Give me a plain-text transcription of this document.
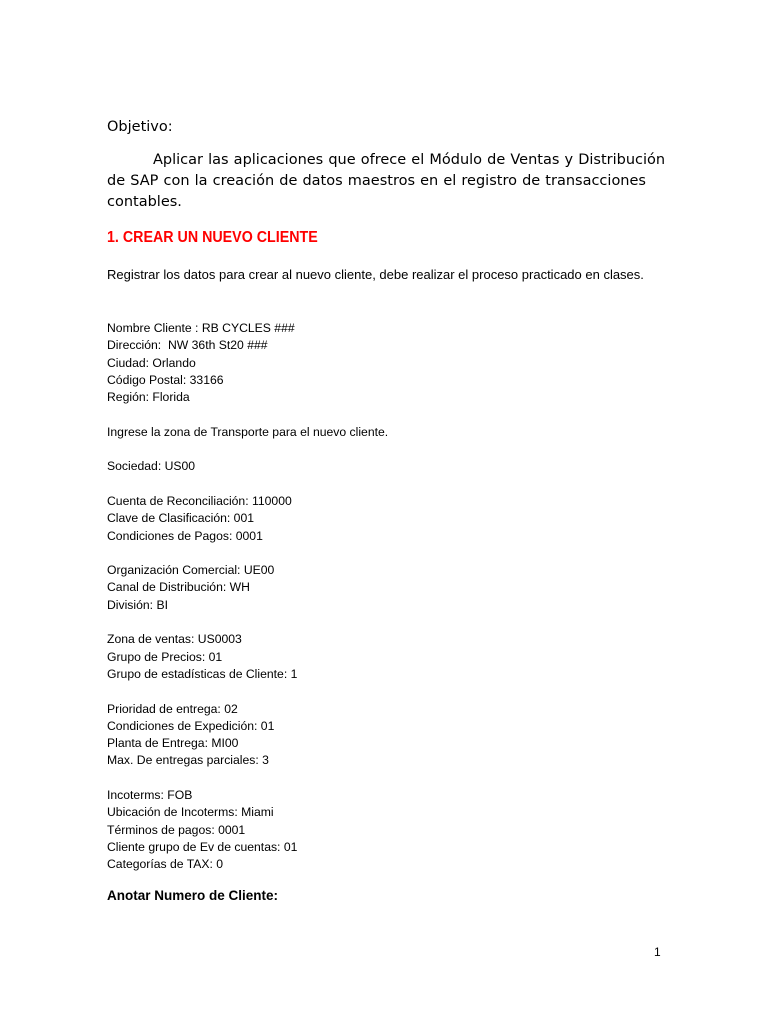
Objetivo:
Aplicar las aplicaciones que ofrece el Módulo de Ventas y Distribución de SAP con la creación de datos maestros en el registro de transacciones contables.
1. CREAR UN NUEVO CLIENTE
Registrar los datos para crear al nuevo cliente, debe realizar el proceso practicado en clases.
Nombre Cliente : RB CYCLES ###
Dirección:  NW 36th St20 ###
Ciudad: Orlando
Código Postal: 33166
Región: Florida
Ingrese la zona de Transporte para el nuevo cliente.
Sociedad: US00
Cuenta de Reconciliación: 110000
Clave de Clasificación: 001
Condiciones de Pagos: 0001
Organización Comercial: UE00
Canal de Distribución: WH
División: BI
Zona de ventas: US0003
Grupo de Precios: 01
Grupo de estadísticas de Cliente: 1
Prioridad de entrega: 02
Condiciones de Expedición: 01
Planta de Entrega: MI00
Max. De entregas parciales: 3
Incoterms: FOB
Ubicación de Incoterms: Miami
Términos de pagos: 0001
Cliente grupo de Ev de cuentas: 01
Categorías de TAX: 0
Anotar Numero de Cliente:
1
